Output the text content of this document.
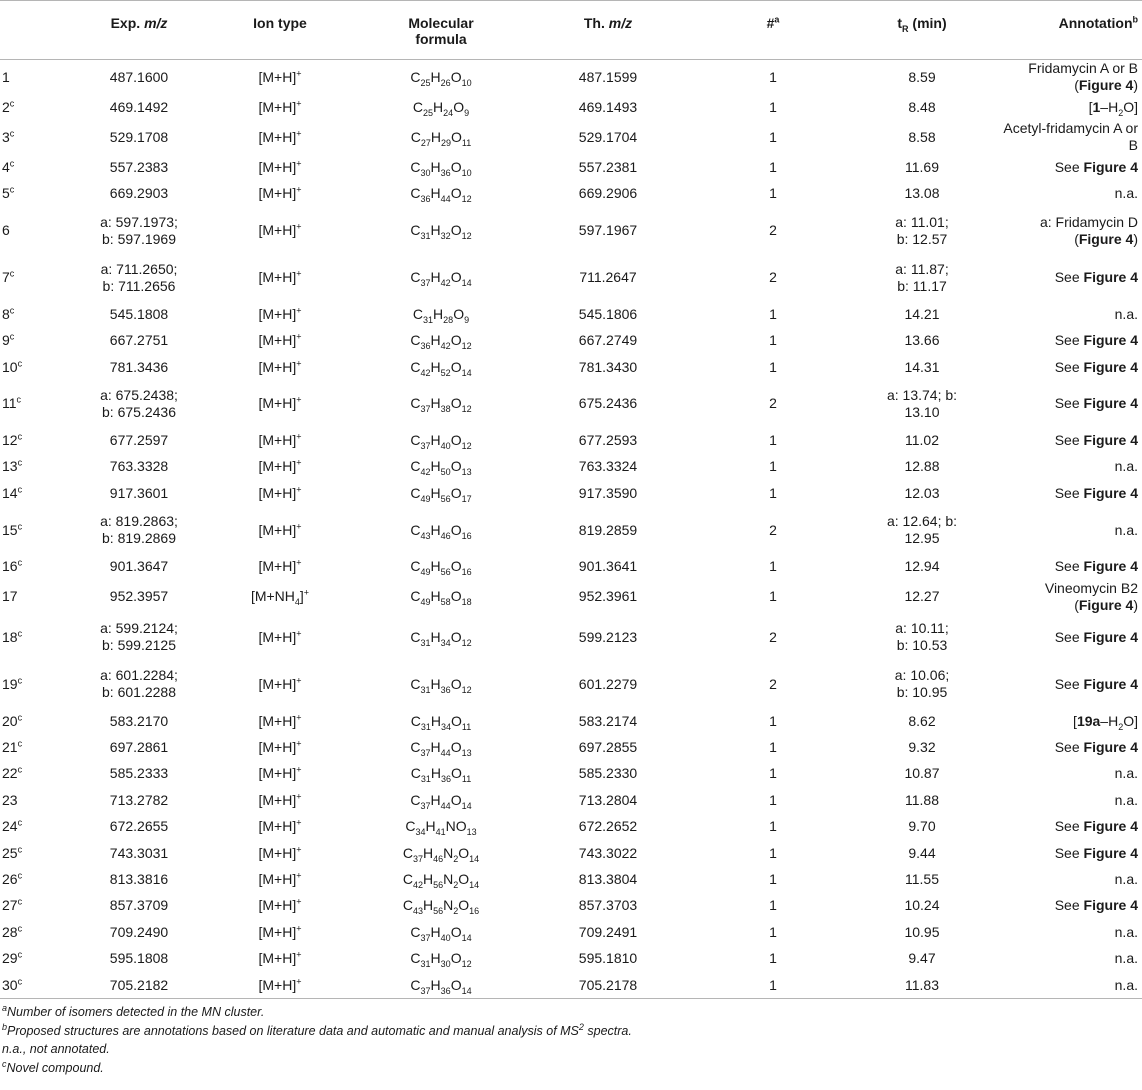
	Exp. m/z	Ion type	Molecular
formula	Th. m/z	#$^a$	$t_R$ (min)	Annotation$^b$
1	487.1600	[M+H]+	$C_{25}H_{26}O_{10}$	487.1599	1	8.59	Fridamycin A or B (Figure 4)
2$^c$	469.1492	[M+H]+	$C_{25}H_{24}O_9$	469.1493	1	8.48	$[1-H_2O]$
3$^c$	529.1708	[M+H]+	$C_{27}H_{29}O_{11}$	529.1704	1	8.58	Acetyl-fridamycin A or B
4$^c$	557.2383	[M+H]+	$C_{30}H_{36}O_{10}$	557.2381	1	11.69	See Figure 4
5$^c$	669.2903	[M+H]+	$C_{36}H_{44}O_{12}$	669.2906	1	13.08	n.a.
6	a: 597.1973;
b: 597.1969	[M+H]+	$C_{31}H_{32}O_{12}$	597.1967	2	a: 11.01;
b: 12.57	a: Fridamycin D (Figure 4)
7$^c$	a: 711.2650;
b: 711.2656	[M+H]+	$C_{37}H_{42}O_{14}$	711.2647	2	a: 11.87;
b: 11.17	See Figure 4
8$^c$	545.1808	[M+H]+	$C_{31}H_{28}O_9$	545.1806	1	14.21	n.a.
9$^c$	667.2751	[M+H]+	$C_{36}H_{42}O_{12}$	667.2749	1	13.66	See Figure 4
10$^c$	781.3436	[M+H]+	$C_{42}H_{52}O_{14}$	781.3430	1	14.31	See Figure 4
11$^c$	a: 675.2438;
b: 675.2436	[M+H]+	$C_{37}H_{38}O_{12}$	675.2436	2	a: 13.74; b:
13.10	See Figure 4
12$^c$	677.2597	[M+H]+	$C_{37}H_{40}O_{12}$	677.2593	1	11.02	See Figure 4
13$^c$	763.3328	[M+H]+	$C_{42}H_{50}O_{13}$	763.3324	1	12.88	n.a.
14$^c$	917.3601	[M+H]+	$C_{49}H_{56}O_{17}$	917.3590	1	12.03	See Figure 4
15$^c$	a: 819.2863;
b: 819.2869	[M+H]+	$C_{43}H_{46}O_{16}$	819.2859	2	a: 12.64; b:
12.95	n.a.
16$^c$	901.3647	[M+H]+	$C_{49}H_{56}O_{16}$	901.3641	1	12.94	See Figure 4
17	952.3957	$[M+NH_4]^+$	$C_{49}H_{58}O_{18}$	952.3961	1	12.27	Vineomycin B2 (Figure 4)
18$^c$	a: 599.2124;
b: 599.2125	[M+H]+	$C_{31}H_{34}O_{12}$	599.2123	2	a: 10.11;
b: 10.53	See Figure 4
19$^c$	a: 601.2284;
b: 601.2288	[M+H]+	$C_{31}H_{36}O_{12}$	601.2279	2	a: 10.06;
b: 10.95	See Figure 4
20$^c$	583.2170	[M+H]+	$C_{31}H_{34}O_{11}$	583.2174	1	8.62	$[19a-H_2O]$
21$^c$	697.2861	[M+H]+	$C_{37}H_{44}O_{13}$	697.2855	1	9.32	See Figure 4
22$^c$	585.2333	[M+H]+	$C_{31}H_{36}O_{11}$	585.2330	1	10.87	n.a.
23	713.2782	[M+H]+	$C_{37}H_{44}O_{14}$	713.2804	1	11.88	n.a.
24$^c$	672.2655	[M+H]+	$C_{34}H_{41}NO_{13}$	672.2652	1	9.70	See Figure 4
25$^c$	743.3031	[M+H]+	$C_{37}H_{46}N_2O_{14}$	743.3022	1	9.44	See Figure 4
26$^c$	813.3816	[M+H]+	$C_{42}H_{56}N_2O_{14}$	813.3804	1	11.55	n.a.
27$^c$	857.3709	[M+H]+	$C_{43}H_{56}N_2O_{16}$	857.3703	1	10.24	See Figure 4
28$^c$	709.2490	[M+H]+	$C_{37}H_{40}O_{14}$	709.2491	1	10.95	n.a.
29$^c$	595.1808	[M+H]+	$C_{31}H_{30}O_{12}$	595.1810	1	9.47	n.a.
30$^c$	705.2182	[M+H]+	$C_{37}H_{36}O_{14}$	705.2178	1	11.83	n.a.
$^a$Number of isomers detected in the MN cluster.
$^b$Proposed structures are annotations based on literature data and automatic and manual analysis of $MS^2$ spectra.
n.a., not annotated.
$^c$Novel compound.
